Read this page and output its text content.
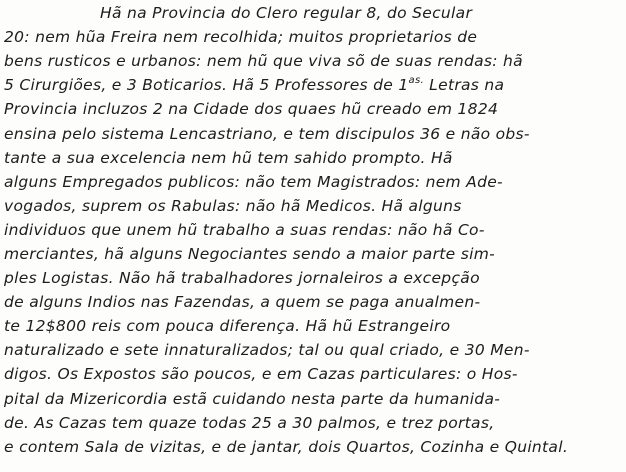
Hã na Provincia do Clero regular 8, do Secular
20: nem hũa Freira nem recolhida; muitos proprietarios de
bens rusticos e urbanos: nem hũ que viva sõ de suas rendas: hã
5 Cirurgiões, e 3 Boticarios. Hã 5 Professores de $1^{as.}$ Letras na
Provincia incluzos 2 na Cidade dos quaes hũ creado em 1824
ensina pelo sistema Lencastriano, e tem discipulos 36 e não obs-
tante a sua excelencia nem hũ tem sahido prompto. Hã
alguns Empregados publicos: não tem Magistrados: nem Ade-
vogados, suprem os Rabulas: não hã Medicos. Hã alguns
individuos que unem hũ trabalho a suas rendas: não hã Co-
merciantes, hã alguns Negociantes sendo a maior parte sim-
ples Logistas. Não hã trabalhadores jornaleiros a excepção
de alguns Indios nas Fazendas, a quem se paga anualmen-
te 12$800 reis com pouca diferença. Hã hũ Estrangeiro
naturalizado e sete innaturalizados; tal ou qual criado, e 30 Men-
digos. Os Expostos são poucos, e em Cazas particulares: o Hos-
pital da Mizericordia estã cuidando nesta parte da humanida-
de. As Cazas tem quaze todas 25 a 30 palmos, e trez portas,
e contem Sala de vizitas, e de jantar, dois Quartos, Cozinha e Quintal.
